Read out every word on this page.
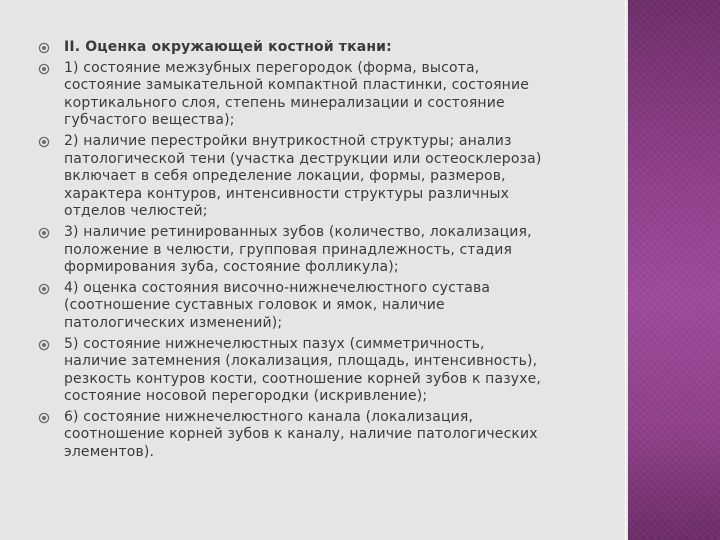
II. Оценка окружающей костной ткани:
1) состояние межзубных перегородок (форма, высота,
состояние замыкательной компактной пластинки, состояние
кортикального слоя, степень минерализации и состояние
губчастого вещества);
2) наличие перестройки внутрикостной структуры; анализ
патологической тени (участка деструкции или остеосклероза)
включает в себя определение локации, формы, размеров,
характера контуров, интенсивности структуры различных
отделов челюстей;
3) наличие ретинированных зубов (количество, локализация,
положение в челюсти, групповая принадлежность, стадия
формирования зуба, состояние фолликула);
4) оценка состояния височно-нижнечелюстного сустава
(соотношение суставных головок и ямок, наличие
патологических изменений);
5) состояние нижнечелюстных пазух (симметричность,
наличие затемнения (локализация, площадь, интенсивность),
резкость контуров кости, соотношение корней зубов к пазухе,
состояние носовой перегородки (искривление);
6) состояние нижнечелюстного канала (локализация,
соотношение корней зубов к каналу, наличие патологических
элементов).
